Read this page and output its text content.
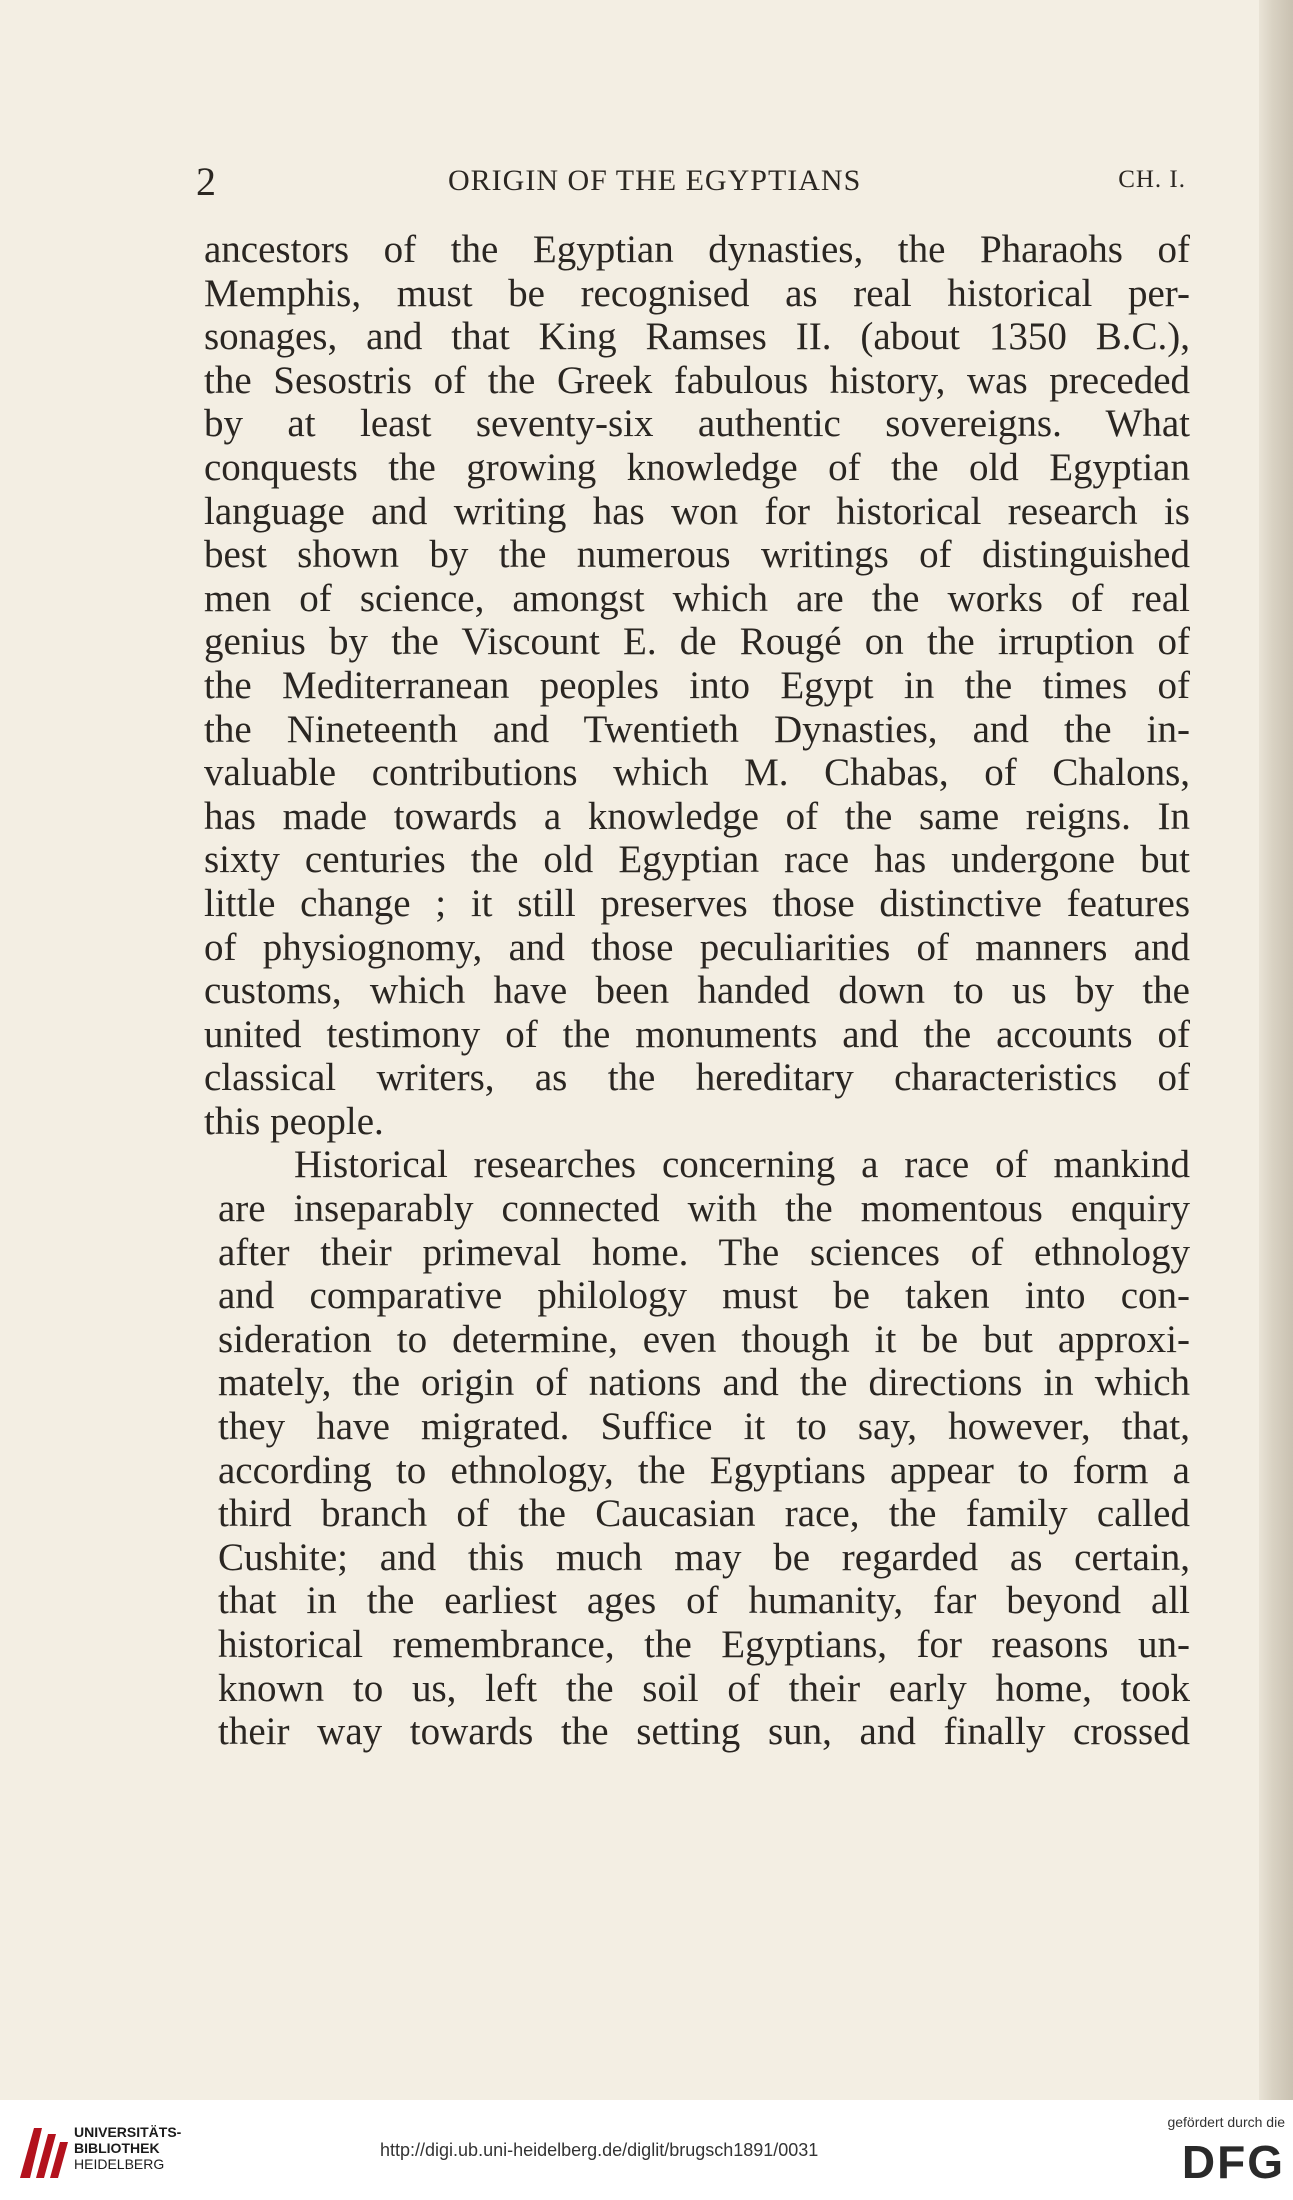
2	ORIGIN OF THE EGYPTIANS	CH. I.
ancestors of the Egyptian dynasties, the Pharaohs of
Memphis, must be recognised as real historical per-
sonages, and that King Ramses II. (about 1350 B.C.),
the Sesostris of the Greek fabulous history, was preceded
by at least seventy-six authentic sovereigns. What
conquests the growing knowledge of the old Egyptian
language and writing has won for historical research is
best shown by the numerous writings of distinguished
men of science, amongst which are the works of real
genius by the Viscount E. de Rougé on the irruption of
the Mediterranean peoples into Egypt in the times of
the Nineteenth and Twentieth Dynasties, and the in-
valuable contributions which M. Chabas, of Chalons,
has made towards a knowledge of the same reigns. In
sixty centuries the old Egyptian race has undergone but
little change ; it still preserves those distinctive features
of physiognomy, and those peculiarities of manners and
customs, which have been handed down to us by the
united testimony of the monuments and the accounts of
classical writers, as the hereditary characteristics of
this people.
Historical researches concerning a race of mankind
are inseparably connected with the momentous enquiry
after their primeval home. The sciences of ethnology
and comparative philology must be taken into con-
sideration to determine, even though it be but approxi-
mately, the origin of nations and the directions in which
they have migrated. Suffice it to say, however, that,
according to ethnology, the Egyptians appear to form a
third branch of the Caucasian race, the family called
Cushite; and this much may be regarded as certain,
that in the earliest ages of humanity, far beyond all
historical remembrance, the Egyptians, for reasons un-
known to us, left the soil of their early home, took
their way towards the setting sun, and finally crossed
UNIVERSITÄTS-
BIBLIOTHEK
HEIDELBERG
http://digi.ub.uni-heidelberg.de/diglit/brugsch1891/0031
gefördert durch die
DFG
